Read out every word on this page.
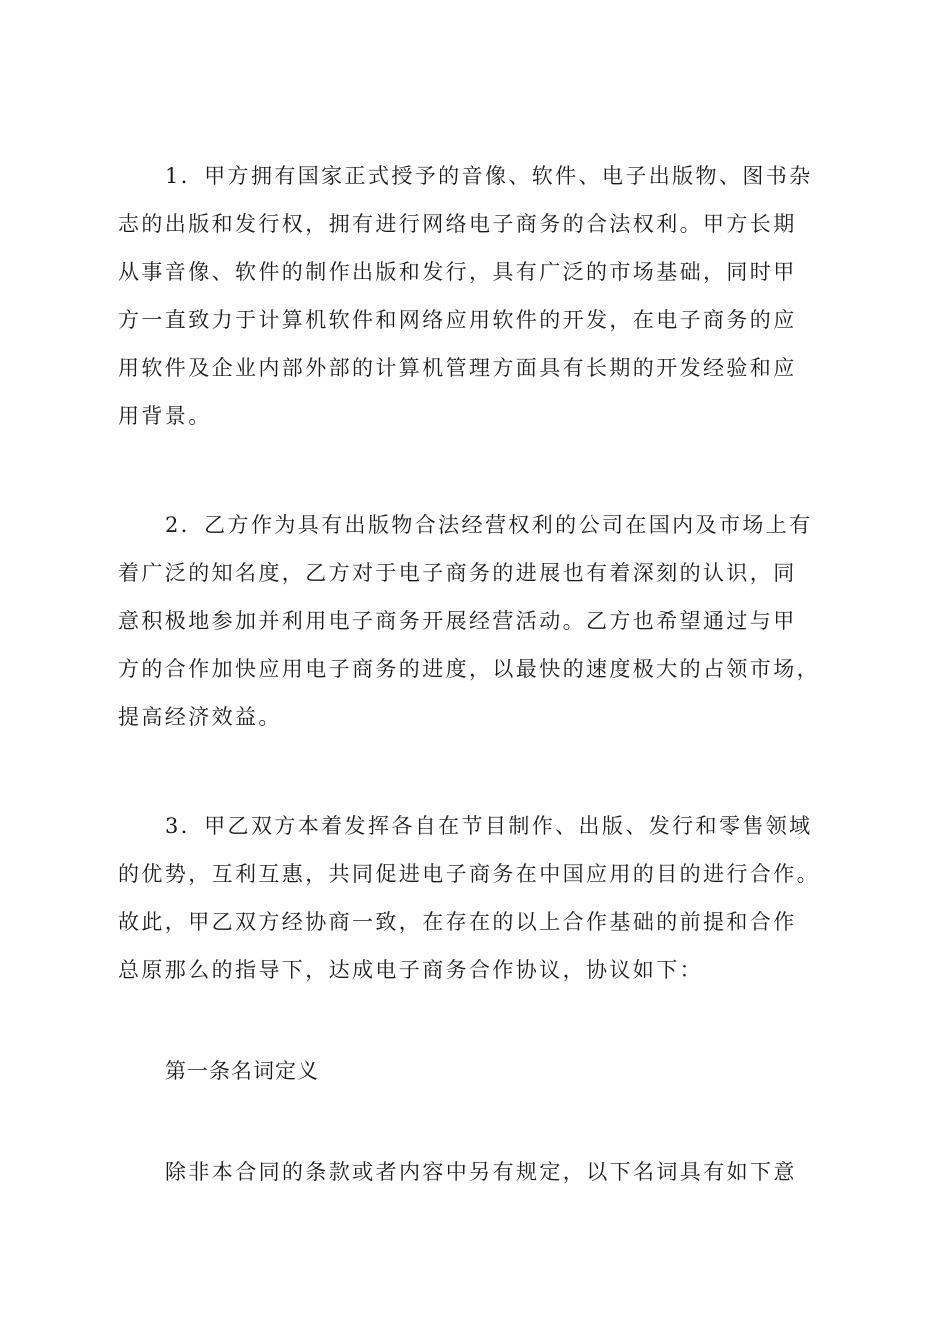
1．甲方拥有国家正式授予的音像、软件、电子出版物、图书杂
志的出版和发行权，拥有进行网络电子商务的合法权利。甲方长期
从事音像、软件的制作出版和发行，具有广泛的市场基础，同时甲
方一直致力于计算机软件和网络应用软件的开发，在电子商务的应
用软件及企业内部外部的计算机管理方面具有长期的开发经验和应
用背景。
2．乙方作为具有出版物合法经营权利的公司在国内及市场上有
着广泛的知名度，乙方对于电子商务的进展也有着深刻的认识，同
意积极地参加并利用电子商务开展经营活动。乙方也希望通过与甲
方的合作加快应用电子商务的进度，以最快的速度极大的占领市场，
提高经济效益。
3．甲乙双方本着发挥各自在节目制作、出版、发行和零售领域
的优势，互利互惠，共同促进电子商务在中国应用的目的进行合作。
故此，甲乙双方经协商一致，在存在的以上合作基础的前提和合作
总原那么的指导下，达成电子商务合作协议，协议如下：
第一条名词定义
除非本合同的条款或者内容中另有规定，以下名词具有如下意
